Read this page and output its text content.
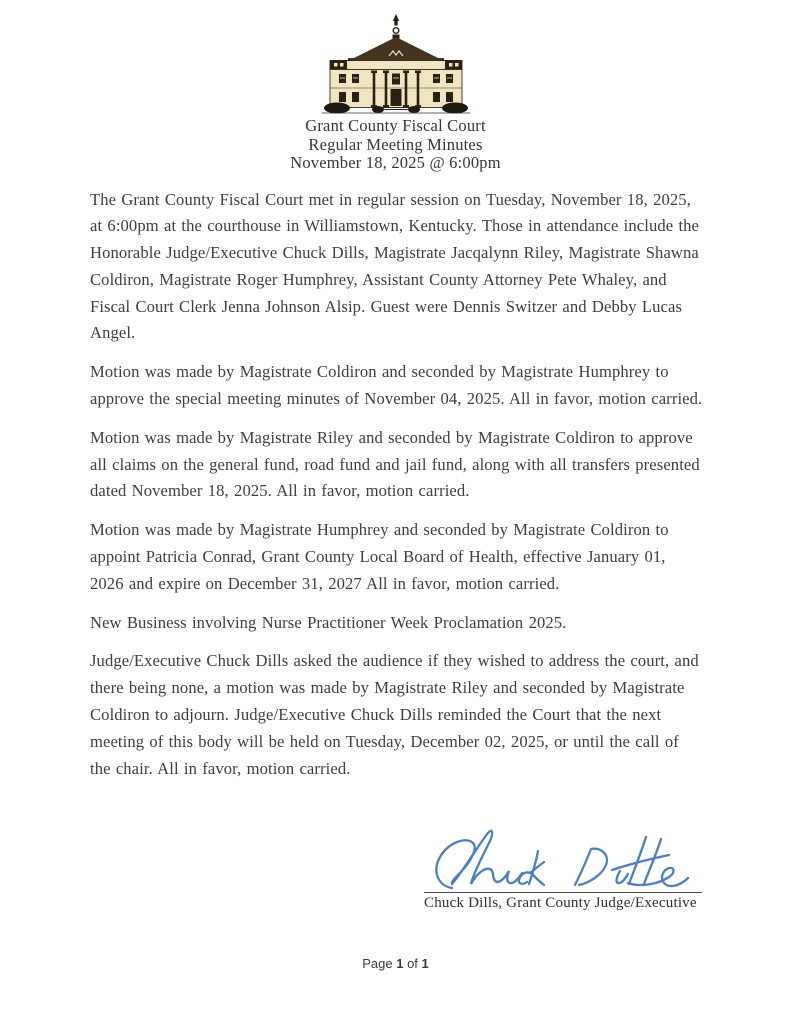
Grant County Fiscal Court
Regular Meeting Minutes
November 18, 2025 @ 6:00pm

The Grant County Fiscal Court met in regular session on Tuesday, November 18, 2025, at 6:00pm at the courthouse in Williamstown, Kentucky. Those in attendance include the Honorable Judge/Executive Chuck Dills, Magistrate Jacqalynn Riley, Magistrate Shawna Coldiron, Magistrate Roger Humphrey, Assistant County Attorney Pete Whaley, and Fiscal Court Clerk Jenna Johnson Alsip. Guest were Dennis Switzer and Debby Lucas Angel.

Motion was made by Magistrate Coldiron and seconded by Magistrate Humphrey to approve the special meeting minutes of November 04, 2025. All in favor, motion carried.

Motion was made by Magistrate Riley and seconded by Magistrate Coldiron to approve all claims on the general fund, road fund and jail fund, along with all transfers presented dated November 18, 2025. All in favor, motion carried.

Motion was made by Magistrate Humphrey and seconded by Magistrate Coldiron to appoint Patricia Conrad, Grant County Local Board of Health, effective January 01, 2026 and expire on December 31, 2027 All in favor, motion carried.

New Business involving Nurse Practitioner Week Proclamation 2025.

Judge/Executive Chuck Dills asked the audience if they wished to address the court, and there being none, a motion was made by Magistrate Riley and seconded by Magistrate Coldiron to adjourn. Judge/Executive Chuck Dills reminded the Court that the next meeting of this body will be held on Tuesday, December 02, 2025, or until the call of the chair. All in favor, motion carried.

Chuck Dills, Grant County Judge/Executive
Page 1 of 1
